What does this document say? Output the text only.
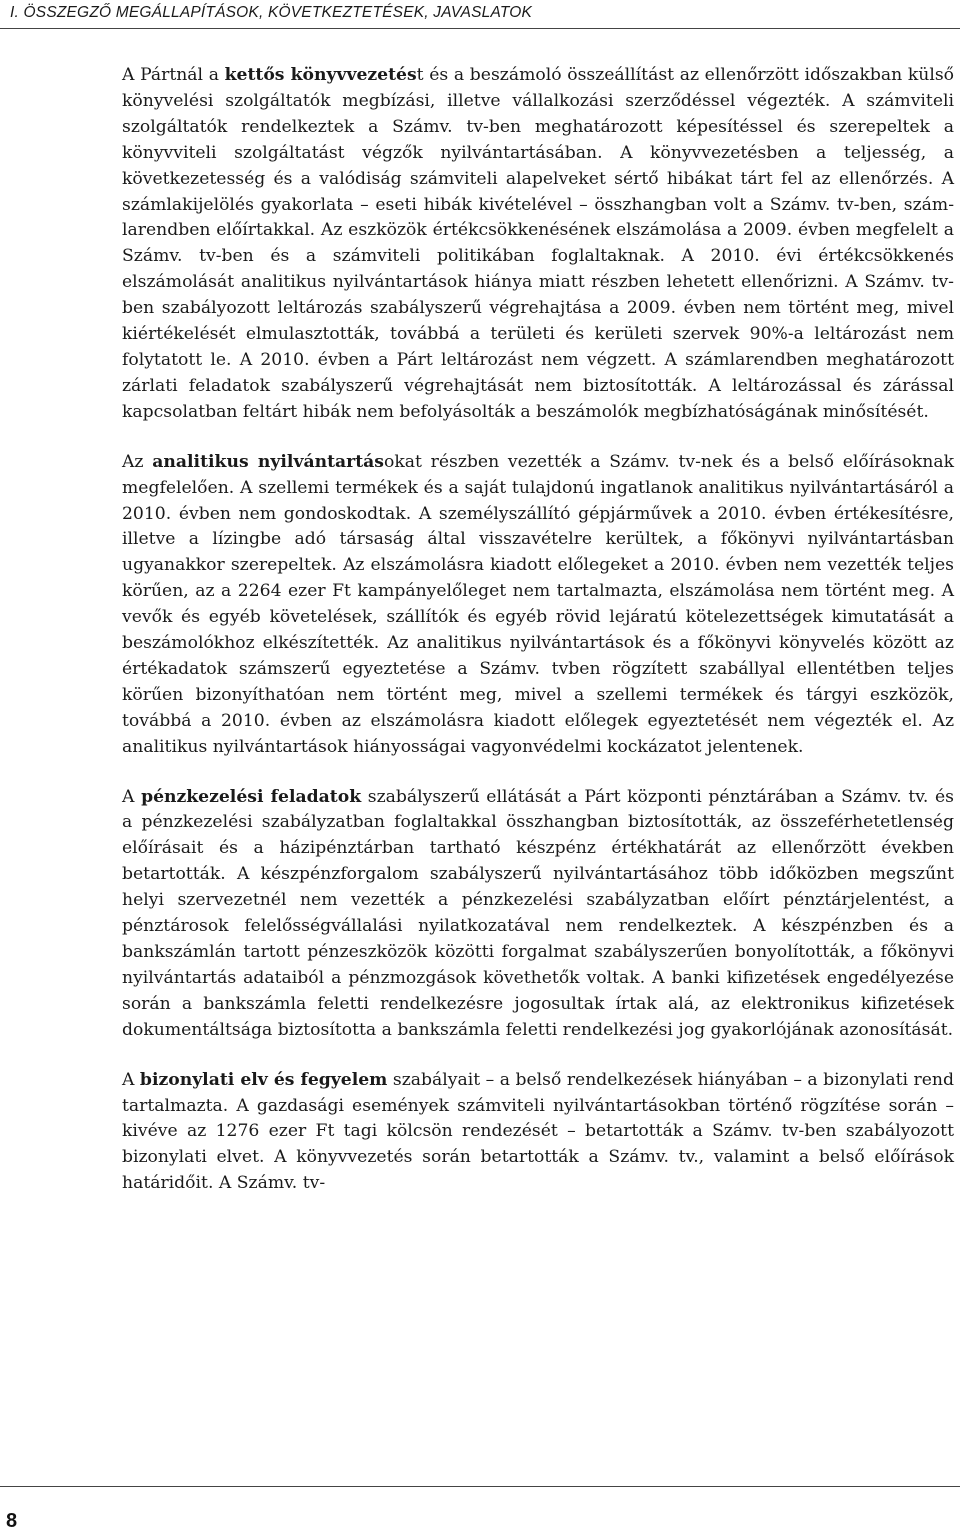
I. ÖSSZEGZŐ MEGÁLLAPÍTÁSOK, KÖVETKEZTETÉSEK, JAVASLATOK

A Pártnál a kettős könyvvezetést és a beszámoló összeállítást az ellenőrzött időszakban külső könyvelési szolgáltatók megbízási, illetve vállalkozási szerződéssel végezték. A számviteli szolgáltatók rendelkeztek a Számv. tv-ben meghatározott képesítéssel és szerepeltek a könyvviteli szolgáltatást végzők nyilvántartásában. A könyvvezetésben a teljesség, a következetesség és a valódiság számviteli alapelveket sértő hibákat tárt fel az ellenőrzés. A számlakijelölés gyakorlata – eseti hibák kivételével – összhangban volt a Számv. tv-ben, számlarendben előírtakkal. Az eszközök értékcsökkenésének elszámolása a 2009. évben megfelelt a Számv. tv-ben és a számviteli politikában foglaltaknak. A 2010. évi értékcsökkenés elszámolását analitikus nyilvántartások hiánya miatt részben lehetett ellenőrizni. A Számv. tv-ben szabályozott leltározás szabályszerű végrehajtása a 2009. évben nem történt meg, mivel kiértékelését elmulasztották, továbbá a területi és kerületi szervek 90%-a leltározást nem folytatott le. A 2010. évben a Párt leltározást nem végzett. A számlarendben meghatározott zárlati feladatok szabályszerű végrehajtását nem biztosították. A leltározással és zárással kapcsolatban feltárt hibák nem befolyásolták a beszámolók megbízhatóságának minősítését.

Az analitikus nyilvántartásokat részben vezették a Számv. tv-nek és a belső előírásoknak megfelelően. A szellemi termékek és a saját tulajdonú ingatlanok analitikus nyilvántartásáról a 2010. évben nem gondoskodtak. A személyszállító gépjárművek a 2010. évben értékesítésre, illetve a lízingbe adó társaság által visszavételre kerültek, a főkönyvi nyilvántartásban ugyanakkor szerepeltek. Az elszámolásra kiadott előlegeket a 2010. évben nem vezették teljes körűen, az a 2264 ezer Ft kampányelőleget nem tartalmazta, elszámolása nem történt meg. A vevők és egyéb követelések, szállítók és egyéb rövid lejáratú kötelezettségek kimutatását a beszámolókhoz elkészítették. Az analitikus nyilvántartások és a főkönyvi könyvelés között az értékadatok számszerű egyeztetése a Számv. tvben rögzített szabállyal ellentétben teljes körűen bizonyíthatóan nem történt meg, mivel a szellemi termékek és tárgyi eszközök, továbbá a 2010. évben az elszámolásra kiadott előlegek egyeztetését nem végezték el. Az analitikus nyilvántartások hiányosságai vagyonvédelmi kockázatot jelentenek.

A pénzkezelési feladatok szabályszerű ellátását a Párt központi pénztárában a Számv. tv. és a pénzkezelési szabályzatban foglaltakkal összhangban biztosították, az összeférhetetlenség előírásait és a házipénztárban tartható készpénz értékhatárát az ellenőrzött években betartották. A készpénzforgalom szabályszerű nyilvántartásához több időközben megszűnt helyi szervezetnél nem vezették a pénzkezelési szabályzatban előírt pénztárjelentést, a pénztárosok felelősségvállalási nyilatkozatával nem rendelkeztek. A készpénzben és a bankszámlán tartott pénzeszközök közötti forgalmat szabályszerűen bonyolították, a főkönyvi nyilvántartás adataiból a pénzmozgások követhetők voltak. A banki kifizetések engedélyezése során a bankszámla feletti rendelkezésre jogosultak írtak alá, az elektronikus kifizetések dokumentáltsága biztosította a bankszámla feletti rendelkezési jog gyakorlójának azonosítását.

A bizonylati elv és fegyelem szabályait – a belső rendelkezések hiányában – a bizonylati rend tartalmazta. A gazdasági események számviteli nyilvántartásokban történő rögzítése során – kivéve az 1276 ezer Ft tagi kölcsön rendezését – betartották a Számv. tv-ben szabályozott bizonylati elvet. A könyvvezetés során betartották a Számv. tv., valamint a belső előírások határidőit. A Számv. tv-

8
